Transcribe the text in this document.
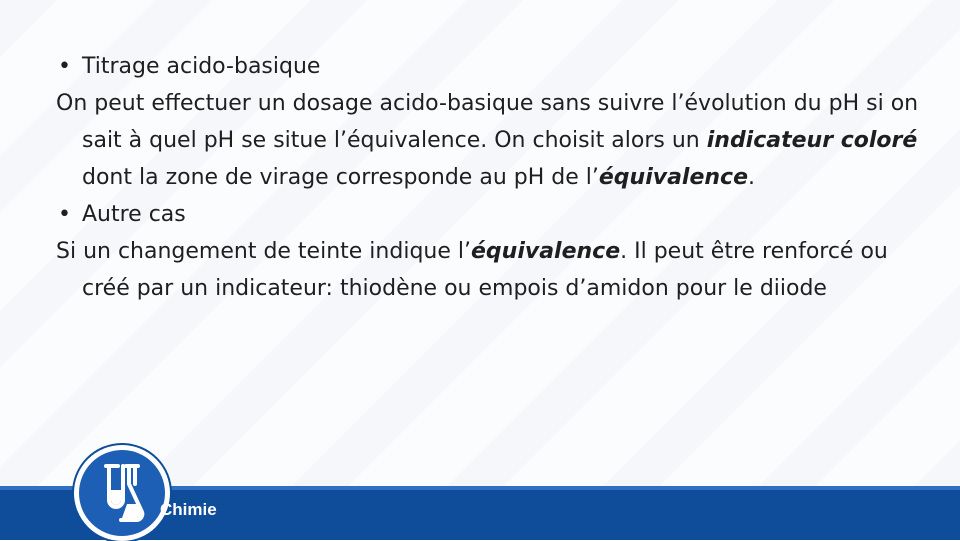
• Titrage acido-basique

On peut effectuer un dosage acido-basique sans suivre l’évolution du pH si on sait à quel pH se situe l’équivalence. On choisit alors un indicateur coloré dont la zone de virage corresponde au pH de l’équivalence.

• Autre cas

Si un changement de teinte indique l’équivalence. Il peut être renforcé ou créé par un indicateur: thiodène ou empois d’amidon pour le diiode

Chimie
